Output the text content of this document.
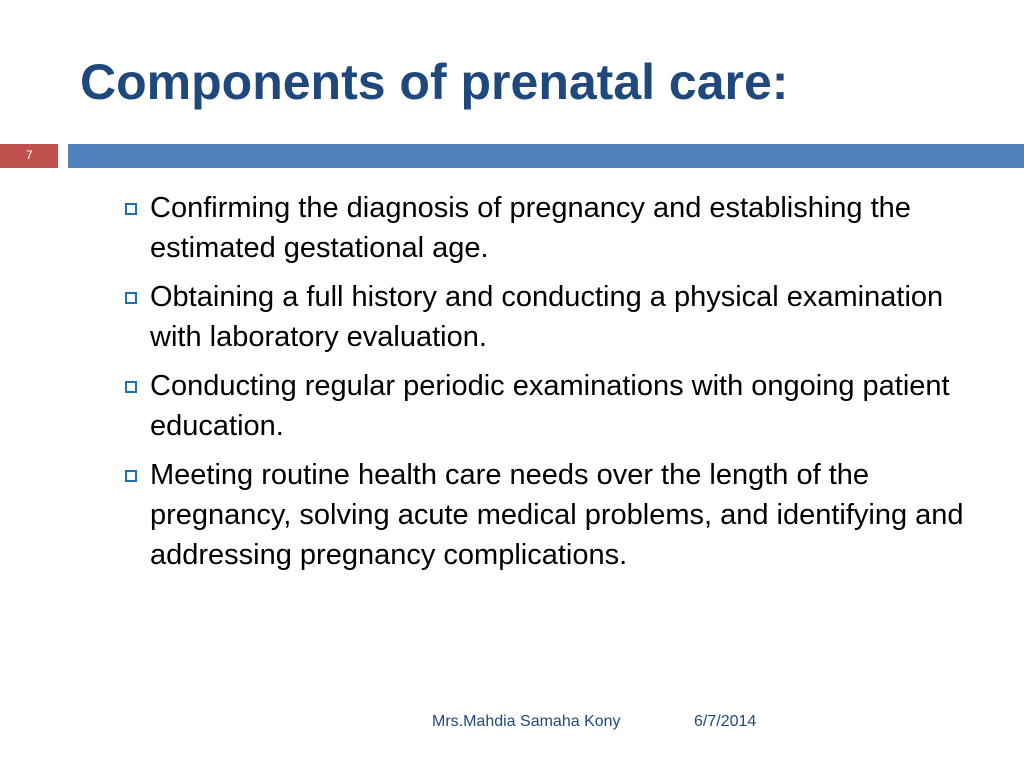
Components of prenatal care:
7
Confirming the diagnosis of pregnancy and establishing the estimated gestational age.
Obtaining a full history and conducting a physical examination with laboratory evaluation.
Conducting regular periodic examinations with ongoing patient education.
Meeting routine health care needs over the length of the pregnancy, solving acute medical problems, and identifying and addressing pregnancy complications.
Mrs.Mahdia Samaha Kony	6/7/2014
